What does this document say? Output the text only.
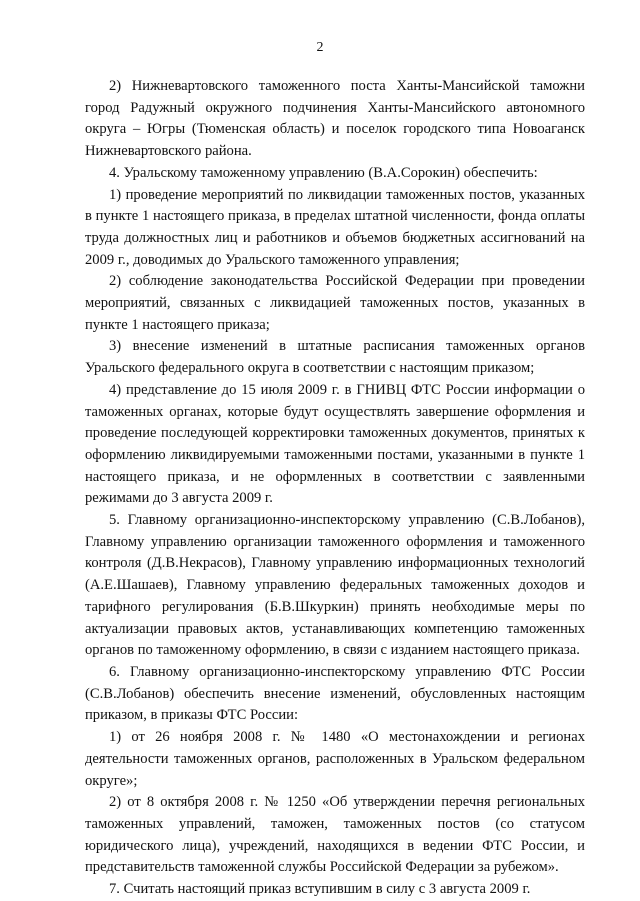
2

2) Нижневартовского таможенного поста Ханты-Мансийской таможни город Радужный окружного подчинения Ханты-Мансийского автономного округа – Югры (Тюменская область) и поселок городского типа Новоаганск Нижневартовского района.

4. Уральскому таможенному управлению (В.А.Сорокин) обеспечить:

1) проведение мероприятий по ликвидации таможенных постов, указанных в пункте 1 настоящего приказа, в пределах штатной численности, фонда оплаты труда должностных лиц и работников и объемов бюджетных ассигнований на 2009 г., доводимых до Уральского таможенного управления;

2) соблюдение законодательства Российской Федерации при проведении мероприятий, связанных с ликвидацией таможенных постов, указанных в пункте 1 настоящего приказа;

3) внесение изменений в штатные расписания таможенных органов Уральского федерального округа в соответствии с настоящим приказом;

4) представление до 15 июля 2009 г. в ГНИВЦ ФТС России информации о таможенных органах, которые будут осуществлять завершение оформления и проведение последующей корректировки таможенных документов, принятых к оформлению ликвидируемыми таможенными постами, указанными в пункте 1 настоящего приказа, и не оформленных в соответствии с заявленными режимами до 3 августа 2009 г.

5. Главному организационно-инспекторскому управлению (С.В.Лобанов), Главному управлению организации таможенного оформления и таможенного контроля (Д.В.Некрасов), Главному управлению информационных технологий (А.Е.Шашаев), Главному управлению федеральных таможенных доходов и тарифного регулирования (Б.В.Шкуркин) принять необходимые меры по актуализации правовых актов, устанавливающих компетенцию таможенных органов по таможенному оформлению, в связи с изданием настоящего приказа.

6. Главному организационно-инспекторскому управлению ФТС России (С.В.Лобанов) обеспечить внесение изменений, обусловленных настоящим приказом, в приказы ФТС России:

1) от 26 ноября 2008 г. № 1480 «О местонахождении и регионах деятельности таможенных органов, расположенных в Уральском федеральном округе»;

2) от 8 октября 2008 г. № 1250 «Об утверждении перечня региональных таможенных управлений, таможен, таможенных постов (со статусом юридического лица), учреждений, находящихся в ведении ФТС России, и представительств таможенной службы Российской Федерации за рубежом».

7. Считать настоящий приказ вступившим в силу с 3 августа 2009 г.
